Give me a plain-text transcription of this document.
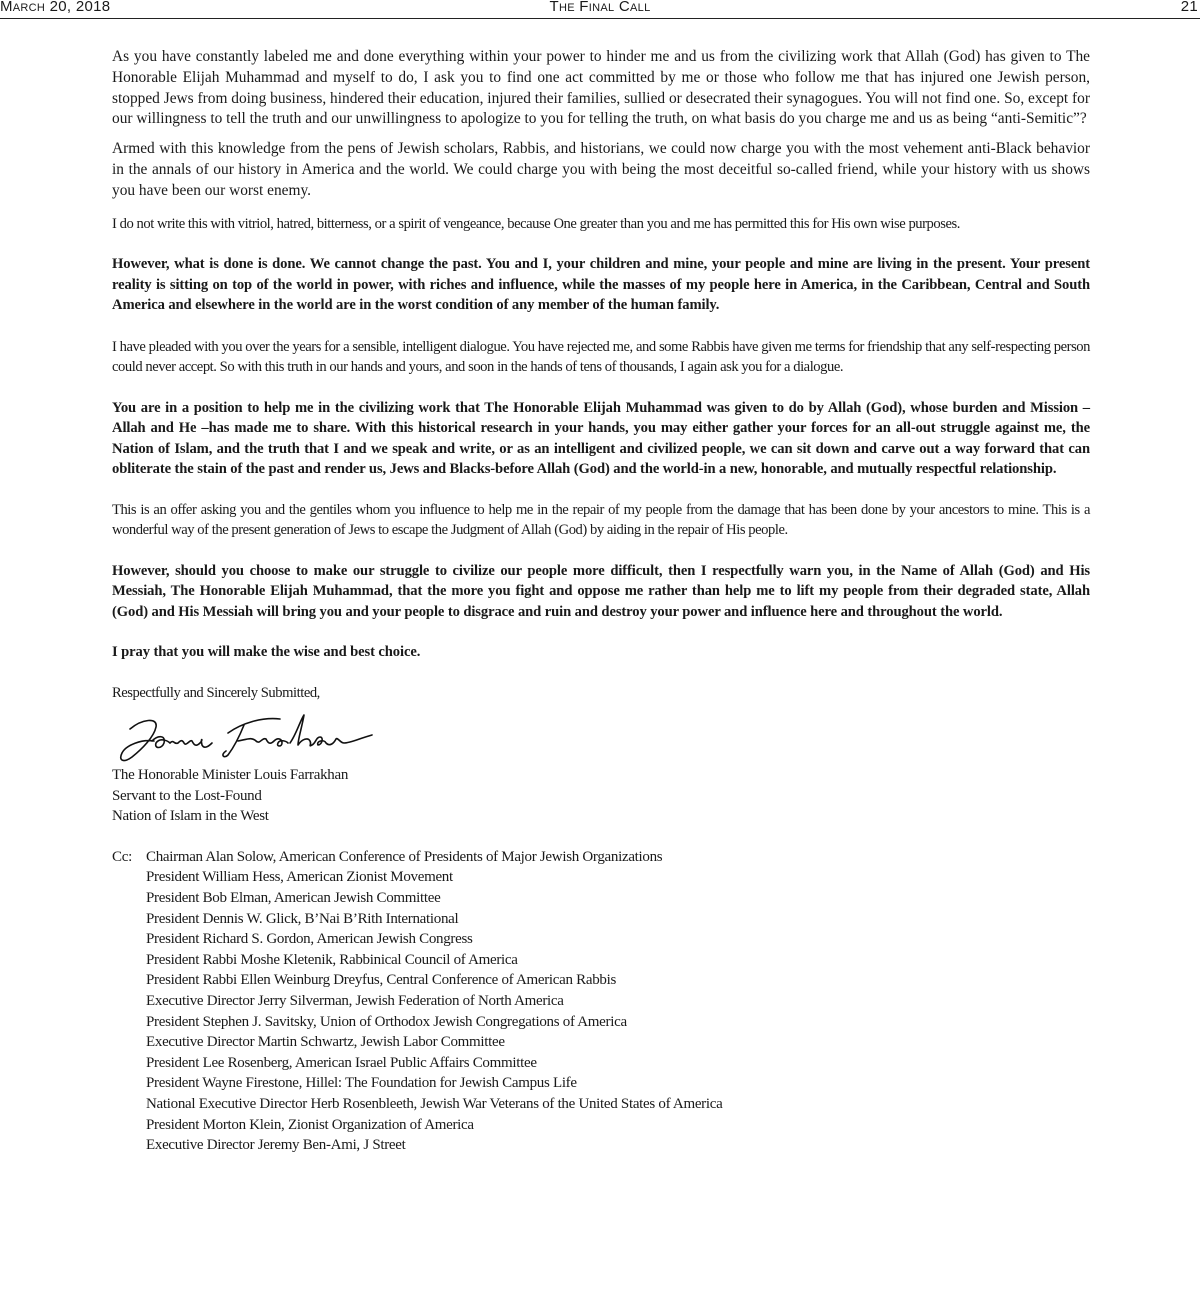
March 20, 2018	The Final Call	21

As you have constantly labeled me and done everything within your power to hinder me and us from the civilizing work that Allah (God) has given to The Honorable Elijah Muhammad and myself to do, I ask you to find one act committed by me or those who follow me that has injured one Jewish person, stopped Jews from doing business, hindered their education, injured their families, sullied or desecrated their synagogues. You will not find one. So, except for our willingness to tell the truth and our unwillingness to apologize to you for telling the truth, on what basis do you charge me and us as being “anti-Semitic”?

Armed with this knowledge from the pens of Jewish scholars, Rabbis, and historians, we could now charge you with the most vehement anti-Black behavior in the annals of our history in America and the world. We could charge you with being the most deceitful so-called friend, while your history with us shows you have been our worst enemy.

I do not write this with vitriol, hatred, bitterness, or a spirit of vengeance, because One greater than you and me has permitted this for His own wise purposes.

However, what is done is done. We cannot change the past. You and I, your children and mine, your people and mine are living in the present. Your present reality is sitting on top of the world in power, with riches and influence, while the masses of my people here in America, in the Caribbean, Central and South America and elsewhere in the world are in the worst condition of any member of the human family.

I have pleaded with you over the years for a sensible, intelligent dialogue. You have rejected me, and some Rabbis have given me terms for friendship that any self-respecting person could never accept. So with this truth in our hands and yours, and soon in the hands of tens of thousands, I again ask you for a dialogue.

You are in a position to help me in the civilizing work that The Honorable Elijah Muhammad was given to do by Allah (God), whose burden and Mission –Allah and He –has made me to share. With this historical research in your hands, you may either gather your forces for an all-out struggle against me, the Nation of Islam, and the truth that I and we speak and write, or as an intelligent and civilized people, we can sit down and carve out a way forward that can obliterate the stain of the past and render us, Jews and Blacks-before Allah (God) and the world-in a new, honorable, and mutually respectful relationship.

This is an offer asking you and the gentiles whom you influence to help me in the repair of my people from the damage that has been done by your ancestors to mine. This is a wonderful way of the present generation of Jews to escape the Judgment of Allah (God) by aiding in the repair of His people.

However, should you choose to make our struggle to civilize our people more difficult, then I respectfully warn you, in the Name of Allah (God) and His Messiah, The Honorable Elijah Muhammad, that the more you fight and oppose me rather than help me to lift my people from their degraded state, Allah (God) and His Messiah will bring you and your people to disgrace and ruin and destroy your power and influence here and throughout the world.

I pray that you will make the wise and best choice.

Respectfully and Sincerely Submitted,

The Honorable Minister Louis Farrakhan
Servant to the Lost-Found
Nation of Islam in the West
Cc: Chairman Alan Solow, American Conference of Presidents of Major Jewish Organizations
President William Hess, American Zionist Movement
President Bob Elman, American Jewish Committee
President Dennis W. Glick, B’Nai B’Rith International
President Richard S. Gordon, American Jewish Congress
President Rabbi Moshe Kletenik, Rabbinical Council of America
President Rabbi Ellen Weinburg Dreyfus, Central Conference of American Rabbis
Executive Director Jerry Silverman, Jewish Federation of North America
President Stephen J. Savitsky, Union of Orthodox Jewish Congregations of America
Executive Director Martin Schwartz, Jewish Labor Committee
President Lee Rosenberg, American Israel Public Affairs Committee
President Wayne Firestone, Hillel: The Foundation for Jewish Campus Life
National Executive Director Herb Rosenbleeth, Jewish War Veterans of the United States of America
President Morton Klein, Zionist Organization of America
Executive Director Jeremy Ben-Ami, J Street
